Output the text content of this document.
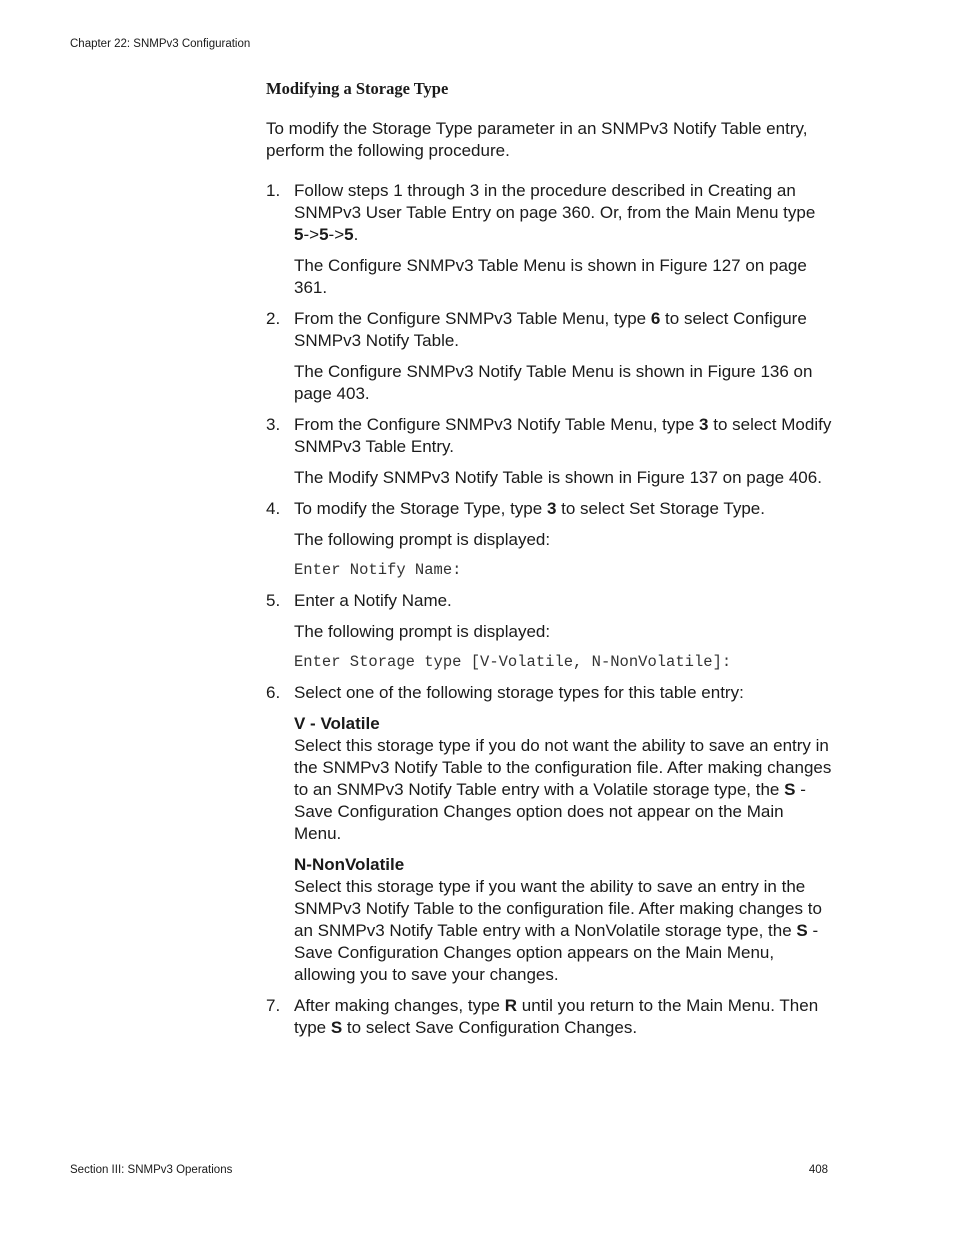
Chapter 22: SNMPv3 Configuration
Modifying a Storage Type

To modify the Storage Type parameter in an SNMPv3 Notify Table entry, perform the following procedure.

1. Follow steps 1 through 3 in the procedure described in Creating an SNMPv3 User Table Entry on page 360. Or, from the Main Menu type 5->5->5.

The Configure SNMPv3 Table Menu is shown in Figure 127 on page 361.

2. From the Configure SNMPv3 Table Menu, type 6 to select Configure SNMPv3 Notify Table.

The Configure SNMPv3 Notify Table Menu is shown in Figure 136 on page 403.

3. From the Configure SNMPv3 Notify Table Menu, type 3 to select Modify SNMPv3 Table Entry.

The Modify SNMPv3 Notify Table is shown in Figure 137 on page 406.

4. To modify the Storage Type, type 3 to select Set Storage Type.

The following prompt is displayed:

Enter Notify Name:

5. Enter a Notify Name.

The following prompt is displayed:

Enter Storage type [V-Volatile, N-NonVolatile]:

6. Select one of the following storage types for this table entry:

V - Volatile
Select this storage type if you do not want the ability to save an entry in the SNMPv3 Notify Table to the configuration file. After making changes to an SNMPv3 Notify Table entry with a Volatile storage type, the S - Save Configuration Changes option does not appear on the Main Menu.
N-NonVolatile
Select this storage type if you want the ability to save an entry in the SNMPv3 Notify Table to the configuration file. After making changes to an SNMPv3 Notify Table entry with a NonVolatile storage type, the S - Save Configuration Changes option appears on the Main Menu, allowing you to save your changes.
7. After making changes, type R until you return to the Main Menu. Then type S to select Save Configuration Changes.

Section III: SNMPv3 Operations	408
